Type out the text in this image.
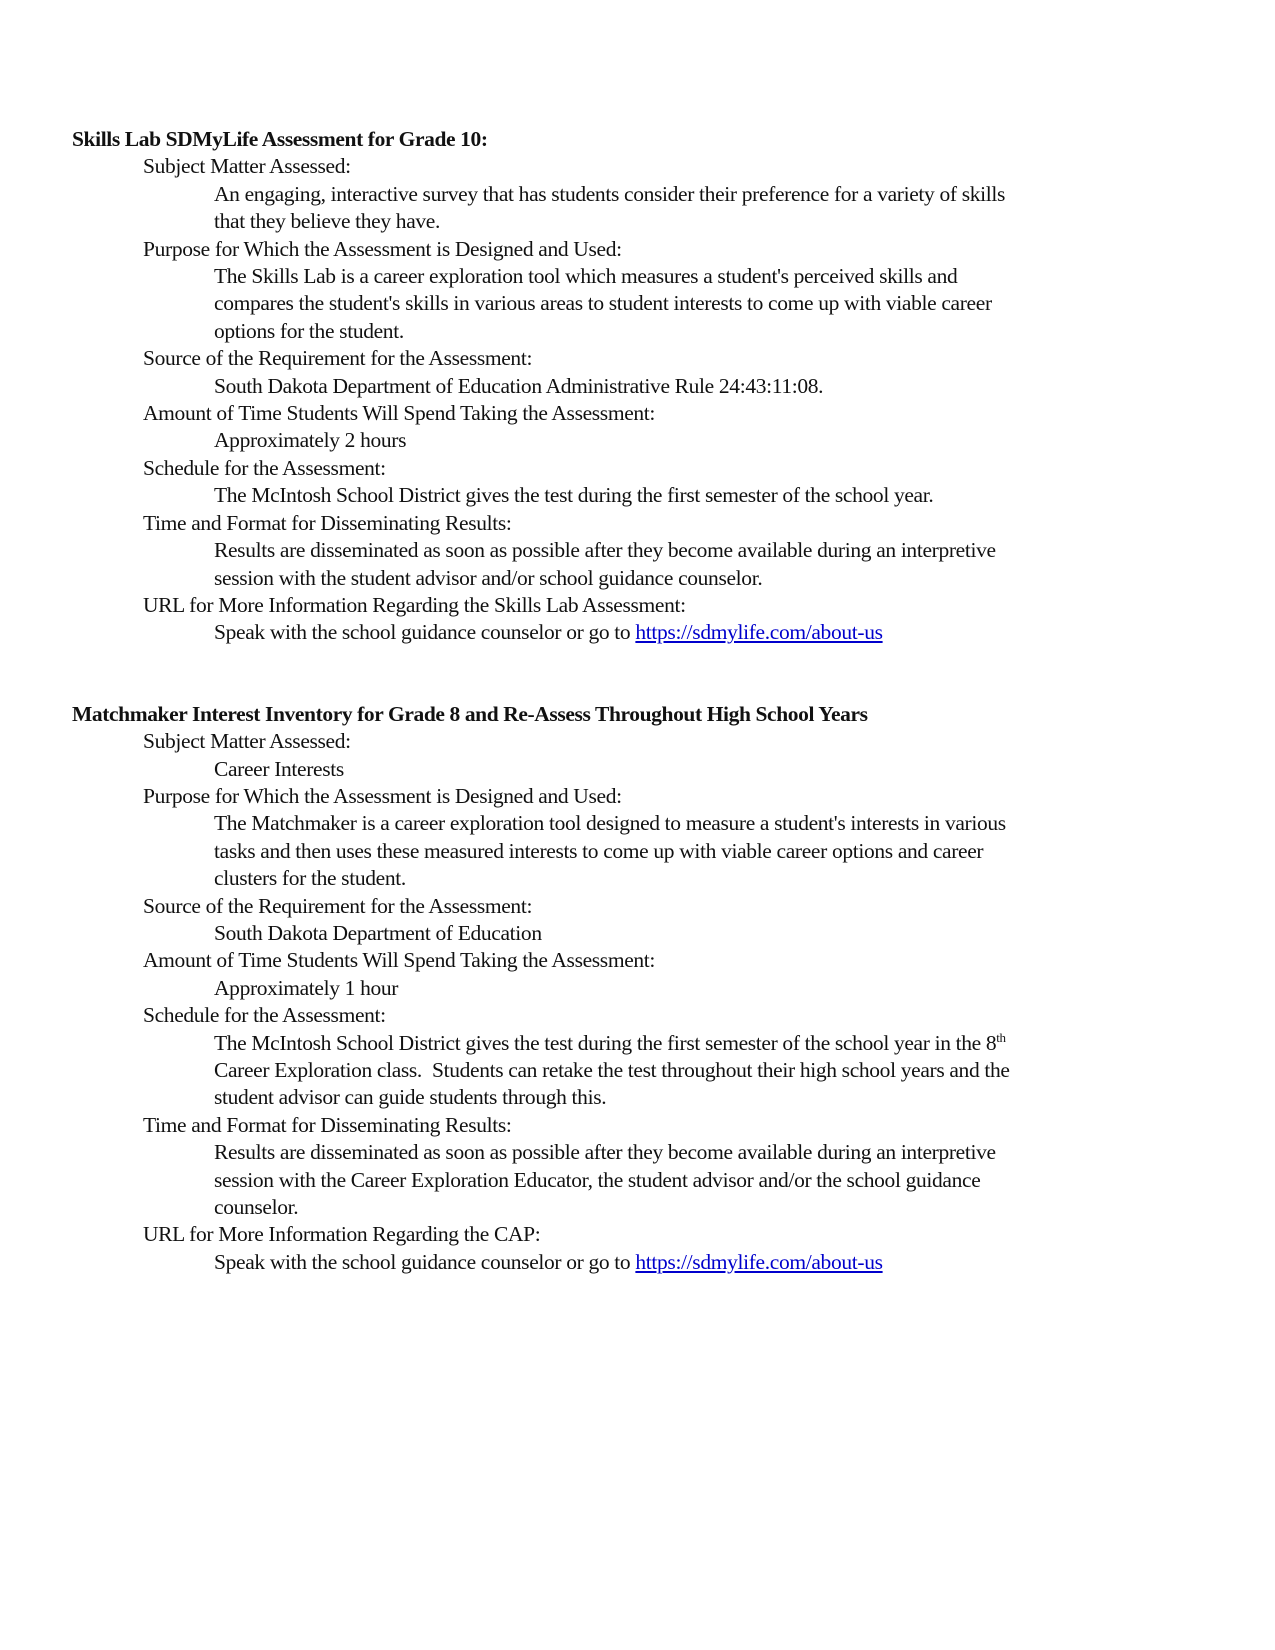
Skills Lab SDMyLife Assessment for Grade 10:
Subject Matter Assessed:
An engaging, interactive survey that has students consider their preference for a variety of skills
that they believe they have.
Purpose for Which the Assessment is Designed and Used:
The Skills Lab is a career exploration tool which measures a student's perceived skills and
compares the student's skills in various areas to student interests to come up with viable career
options for the student.
Source of the Requirement for the Assessment:
South Dakota Department of Education Administrative Rule 24:43:11:08.
Amount of Time Students Will Spend Taking the Assessment:
Approximately 2 hours
Schedule for the Assessment:
The McIntosh School District gives the test during the first semester of the school year.
Time and Format for Disseminating Results:
Results are disseminated as soon as possible after they become available during an interpretive
session with the student advisor and/or school guidance counselor.
URL for More Information Regarding the Skills Lab Assessment:
Speak with the school guidance counselor or go to https://sdmylife.com/about-us
Matchmaker Interest Inventory for Grade 8 and Re-Assess Throughout High School Years
Subject Matter Assessed:
Career Interests
Purpose for Which the Assessment is Designed and Used:
The Matchmaker is a career exploration tool designed to measure a student's interests in various
tasks and then uses these measured interests to come up with viable career options and career
clusters for the student.
Source of the Requirement for the Assessment:
South Dakota Department of Education
Amount of Time Students Will Spend Taking the Assessment:
Approximately 1 hour
Schedule for the Assessment:
The McIntosh School District gives the test during the first semester of the school year in the 8th
Career Exploration class.  Students can retake the test throughout their high school years and the
student advisor can guide students through this.
Time and Format for Disseminating Results:
Results are disseminated as soon as possible after they become available during an interpretive
session with the Career Exploration Educator, the student advisor and/or the school guidance
counselor.
URL for More Information Regarding the CAP:
Speak with the school guidance counselor or go to https://sdmylife.com/about-us
